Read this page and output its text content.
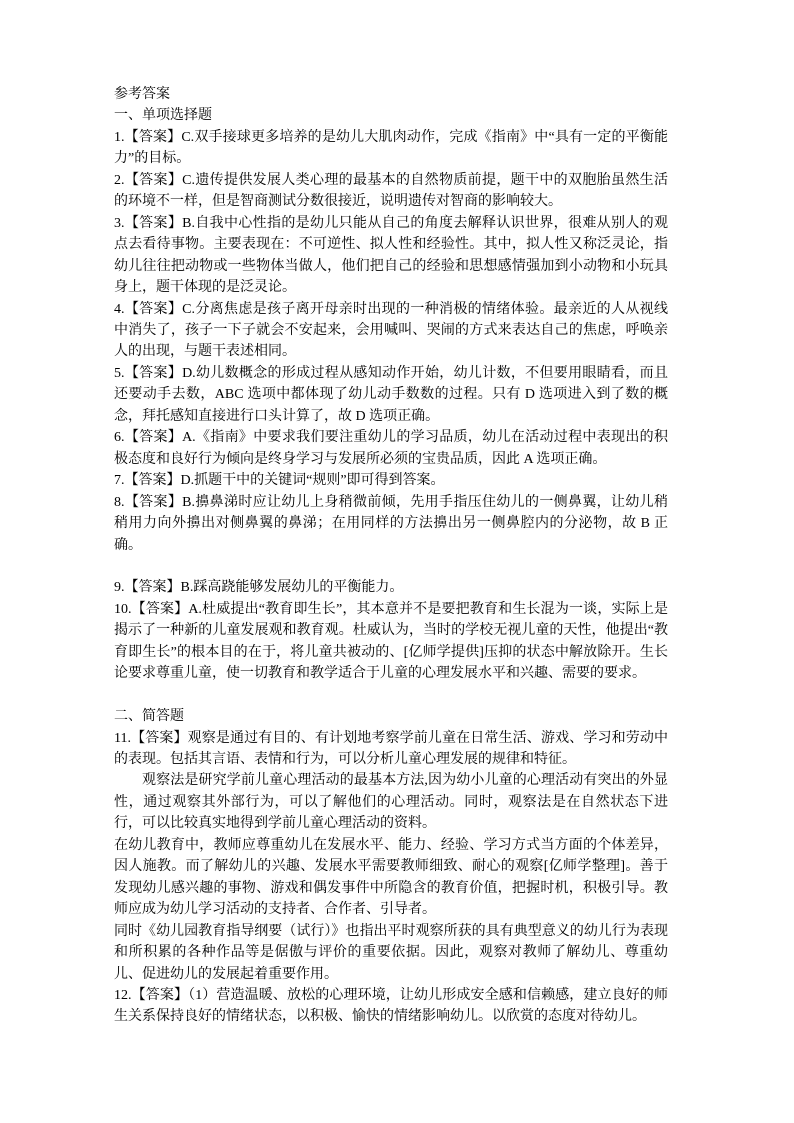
参考答案

一、单项选择题

1.【答案】C.双手接球更多培养的是幼儿大肌肉动作，完成《指南》中“具有一定的平衡能力”的目标。

2.【答案】C.遗传提供发展人类心理的最基本的自然物质前提，题干中的双胞胎虽然生活的环境不一样，但是智商测试分数很接近，说明遗传对智商的影响较大。

3.【答案】B.自我中心性指的是幼儿只能从自己的角度去解释认识世界，很难从别人的观点去看待事物。主要表现在：不可逆性、拟人性和经验性。其中，拟人性又称泛灵论，指幼儿往往把动物或一些物体当做人，他们把自己的经验和思想感情强加到小动物和小玩具身上，题干体现的是泛灵论。

4.【答案】C.分离焦虑是孩子离开母亲时出现的一种消极的情绪体验。最亲近的人从视线中消失了，孩子一下子就会不安起来，会用喊叫、哭闹的方式来表达自己的焦虑，呼唤亲人的出现，与题干表述相同。

5.【答案】D.幼儿数概念的形成过程从感知动作开始，幼儿计数，不但要用眼睛看，而且还要动手去数，ABC 选项中都体现了幼儿动手数数的过程。只有 D 选项进入到了数的概念，拜托感知直接进行口头计算了，故 D 选项正确。

6.【答案】A.《指南》中要求我们要注重幼儿的学习品质，幼儿在活动过程中表现出的积极态度和良好行为倾向是终身学习与发展所必须的宝贵品质，因此 A 选项正确。

7.【答案】D.抓题干中的关键词“规则”即可得到答案。

8.【答案】B.擤鼻涕时应让幼儿上身稍微前倾，先用手指压住幼儿的一侧鼻翼，让幼儿稍稍用力向外擤出对侧鼻翼的鼻涕；在用同样的方法擤出另一侧鼻腔内的分泌物，故 B 正确。

9.【答案】B.踩高跷能够发展幼儿的平衡能力。

10.【答案】A.杜威提出“教育即生长”，其本意并不是要把教育和生长混为一谈，实际上是揭示了一种新的儿童发展观和教育观。杜威认为，当时的学校无视儿童的天性，他提出“教育即生长”的根本目的在于，将儿童共被动的、[亿师学提供]压抑的状态中解放除开。生长论要求尊重儿童，使一切教育和教学适合于儿童的心理发展水平和兴趣、需要的要求。

二、简答题

11.【答案】观察是通过有目的、有计划地考察学前儿童在日常生活、游戏、学习和劳动中的表现。包括其言语、表情和行为，可以分析儿童心理发展的规律和特征。

观察法是研究学前儿童心理活动的最基本方法,因为幼小儿童的心理活动有突出的外显性，通过观察其外部行为，可以了解他们的心理活动。同时，观察法是在自然状态下进行，可以比较真实地得到学前儿童心理活动的资料。

在幼儿教育中，教师应尊重幼儿在发展水平、能力、经验、学习方式当方面的个体差异，因人施教。而了解幼儿的兴趣、发展水平需要教师细致、耐心的观察[亿师学整理]。善于发现幼儿感兴趣的事物、游戏和偶发事件中所隐含的教育价值，把握时机，积极引导。教师应成为幼儿学习活动的支持者、合作者、引导者。

同时《幼儿园教育指导纲要（试行）》也指出平时观察所获的具有典型意义的幼儿行为表现和所积累的各种作品等是倨傲与评价的重要依据。因此，观察对教师了解幼儿、尊重幼儿、促进幼儿的发展起着重要作用。

12.【答案】（1）营造温暖、放松的心理环境，让幼儿形成安全感和信赖感，建立良好的师生关系保持良好的情绪状态，以积极、愉快的情绪影响幼儿。以欣赏的态度对待幼儿。
